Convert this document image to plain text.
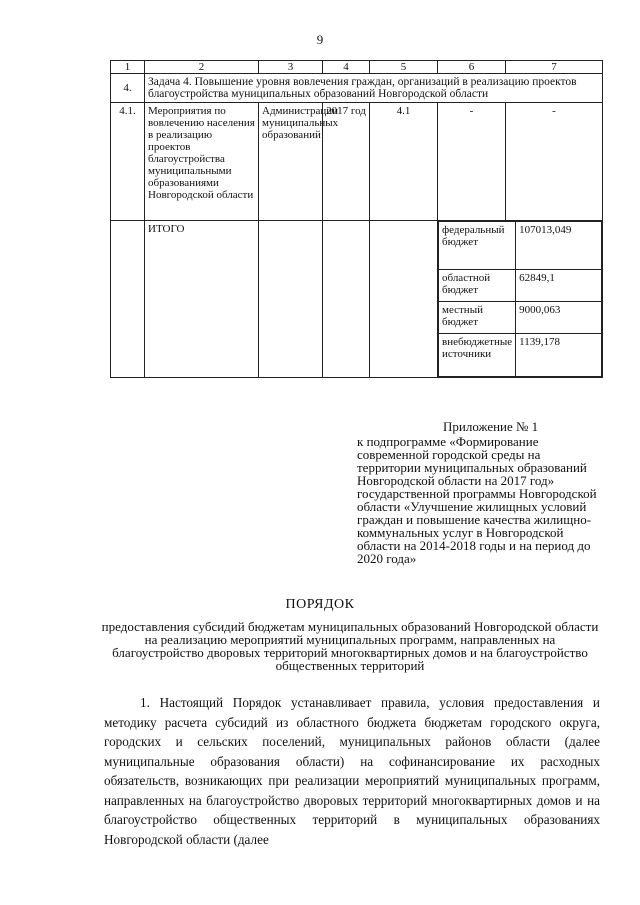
9
1	2	3	4	5	6	7
4.	Задача 4. Повышение уровня вовлечения граждан, организаций в реализацию проектов благоустройства муниципальных образований Новгородской области
4.1.	Мероприятия по вовлечению населения в реализацию проектов благоустройства муниципальными образованиями Новгородской области	Администрации муниципальных образований	2017 год	4.1	-	-
	ИТОГО					федеральный бюджет	107013,049
областной бюджет	62849,1
местный бюджет	9000,063
внебюджетные источники	1139,178
Приложение № 1
к подпрограмме «Формирование современной городской среды на территории муниципальных образований Новгородской области на 2017 год» государственной программы Новгородской области «Улучшение жилищных условий граждан и повышение качества жилищно-коммунальных услуг в Новгородской области на 2014-2018 годы и на период до 2020 года»
ПОРЯДОК
предоставления субсидий бюджетам муниципальных образований Новгородской области на реализацию мероприятий муниципальных программ, направленных на благоустройство дворовых территорий многоквартирных домов и на благоустройство общественных территорий
1. Настоящий Порядок устанавливает правила, условия предоставления и методику расчета субсидий из областного бюджета бюджетам городского округа, городских и сельских поселений, муниципальных районов области (далее муниципальные образования области) на софинансирование их расходных обязательств, возникающих при реализации мероприятий муниципальных программ, направленных на благоустройство дворовых территорий многоквартирных домов и на благоустройство общественных территорий в муниципальных образованиях Новгородской области (далее
